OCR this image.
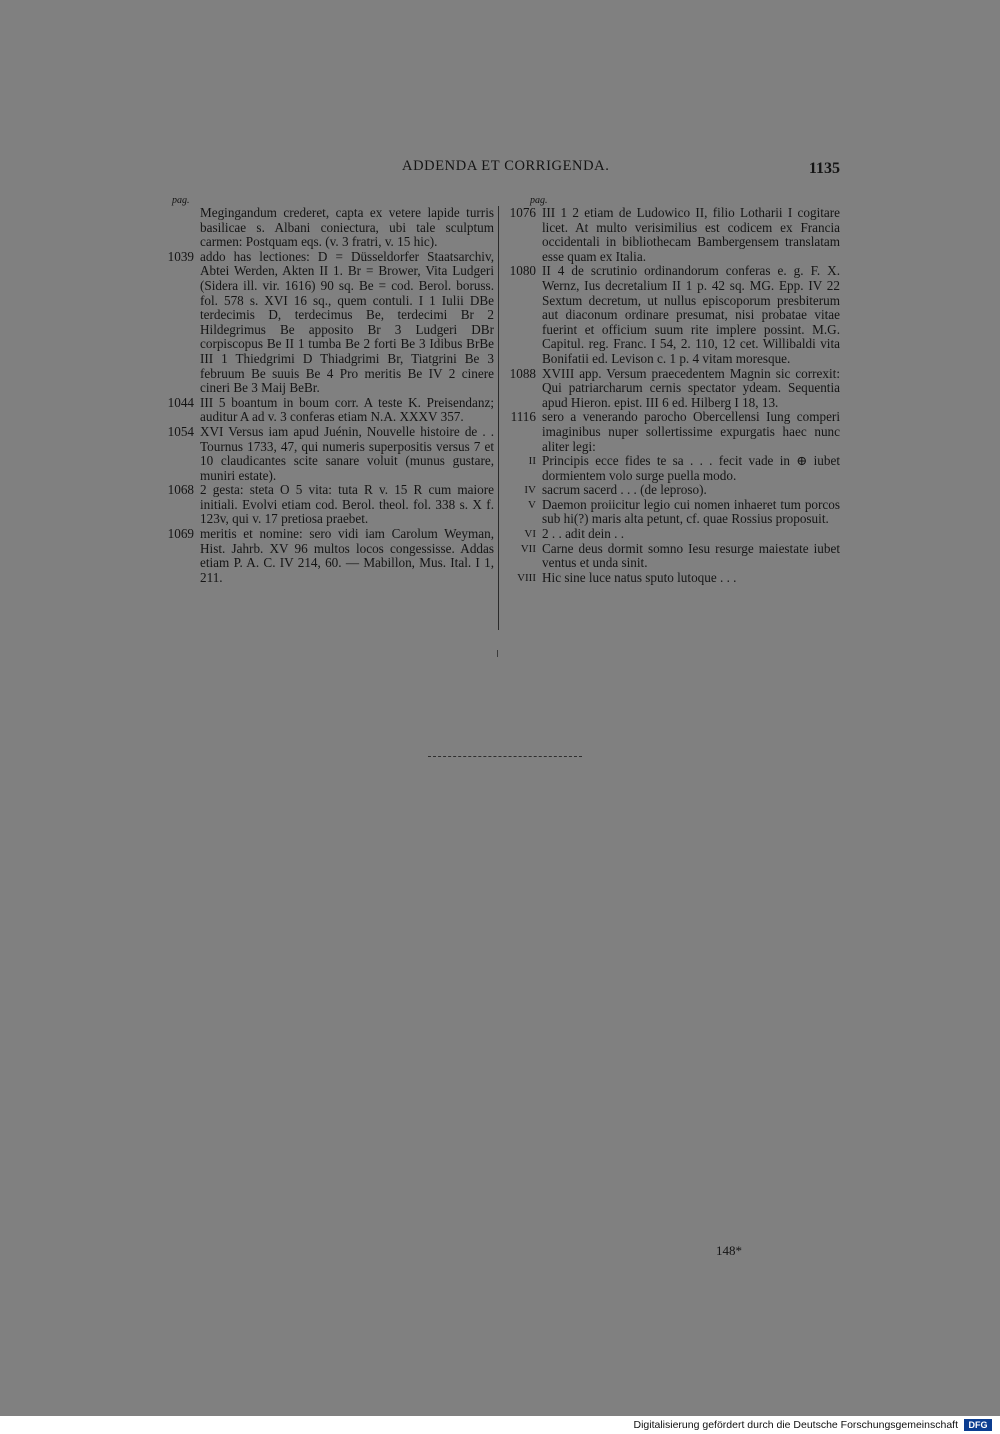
ADDENDA ET CORRIGENDA.	1135
pag.
Megingandum crederet, capta ex vetere lapide turris basilicae s. Albani coniectura, ubi tale sculptum carmen: Postquam eqs. (v. 3 fratri, v. 15 hic).
1039 addo has lectiones: D = Düsseldorfer Staatsarchiv, Abtei Werden, Akten II 1. Br = Brower, Vita Ludgeri (Sidera ill. vir. 1616) 90 sq. Be = cod. Berol. boruss. fol. 578 s. XVI 16 sq., quem contuli. I 1 Iulii DBe terdecimis D, terdecimus Be, terdecimi Br 2 Hildegrimus Be apposito Br 3 Ludgeri DBr corpiscopus Be II 1 tumba Be 2 forti Be 3 Idibus BrBe III 1 Thiedgrimi D Thiadgrimi Br, Tiatgrini Be 3 februum Be suuis Be 4 Pro meritis Be IV 2 cinere cineri Be 3 Maij BeBr.
1044 III 5 boantum in boum corr. A teste K. Preisendanz; auditur A ad v. 3 conferas etiam N.A. XXXV 357.
1054 XVI Versus iam apud Juénin, Nouvelle histoire de . . Tournus 1733, 47, qui numeris superpositis versus 7 et 10 claudicantes scite sanare voluit (munus gustare, muniri estate).
1068 2 gesta: steta O 5 vita: tuta R v. 15 R cum maiore initiali. Evolvi etiam cod. Berol. theol. fol. 338 s. X f. 123v, qui v. 17 pretiosa praebet.
1069 meritis et nomine: sero vidi iam Carolum Weyman, Hist. Jahrb. XV 96 multos locos congessisse. Addas etiam P. A. C. IV 214, 60. — Mabillon, Mus. Ital. I 1, 211.
pag.
1076 III 1 2 etiam de Ludowico II, filio Lotharii I cogitare licet. At multo verisimilius est codicem ex Francia occidentali in bibliothecam Bambergensem translatam esse quam ex Italia.
1080 II 4 de scrutinio ordinandorum conferas e. g. F. X. Wernz, Ius decretalium II 1 p. 42 sq. MG. Epp. IV 22 Sextum decretum, ut nullus episcoporum presbiterum aut diaconum ordinare presumat, nisi probatae vitae fuerint et officium suum rite implere possint. M.G. Capitul. reg. Franc. I 54, 2. 110, 12 cet. Willibaldi vita Bonifatii ed. Levison c. 1 p. 4 vitam moresque.
1088 XVIII app. Versum praecedentem Magnin sic correxit: Qui patriarcharum cernis spectator ydeam. Sequentia apud Hieron. epist. III 6 ed. Hilberg I 18, 13.
1116 sero a venerando parocho Obercellensi Iung comperi imaginibus nuper sollertissime expurgatis haec nunc aliter legi:
II Principis ecce fides te sa . . . fecit vade in ⊕ iubet dormientem volo surge puella modo.
IV sacrum sacerd . . . (de leproso).
V Daemon proiicitur legio cui nomen inhaeret tum porcos sub hi(?) maris alta petunt, cf. quae Rossius proposuit.
VI 2 . . adit dein . .
VII Carne deus dormit somno Iesu resurge maiestate iubet ventus et unda sinit.
VIII Hic sine luce natus sputo lutoque . . .
148*
Digitalisierung gefördert durch die Deutsche Forschungsgemeinschaft	DFG
